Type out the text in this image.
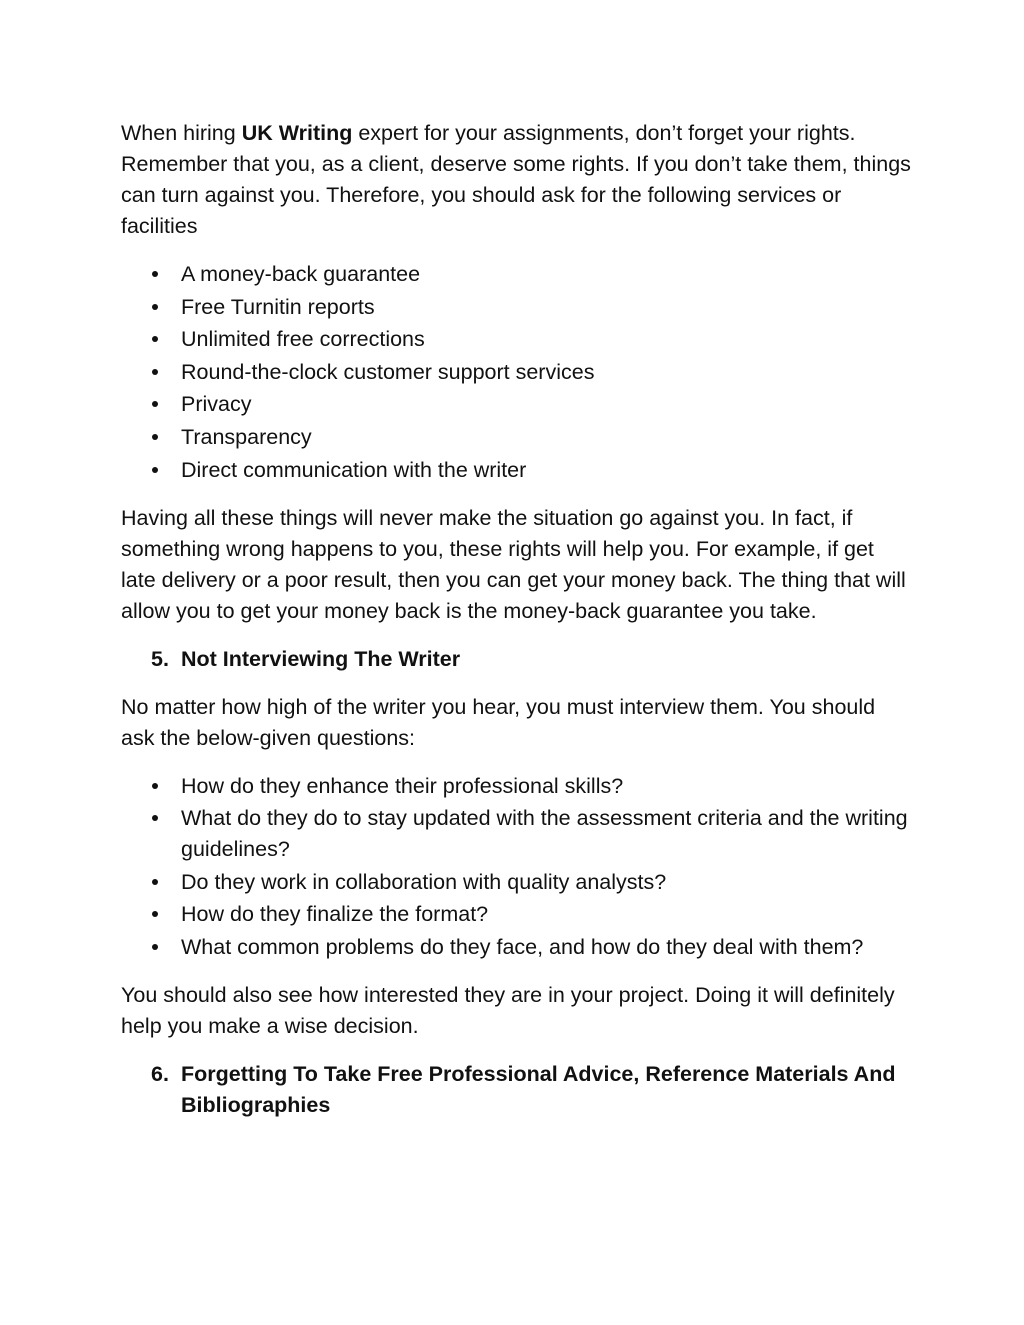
When hiring UK Writing expert for your assignments, don’t forget your rights. Remember that you, as a client, deserve some rights. If you don’t take them, things can turn against you. Therefore, you should ask for the following services or facilities

A money-back guarantee
Free Turnitin reports
Unlimited free corrections
Round-the-clock customer support services
Privacy
Transparency
Direct communication with the writer

Having all these things will never make the situation go against you. In fact, if something wrong happens to you, these rights will help you. For example, if get late delivery or a poor result, then you can get your money back. The thing that will allow you to get your money back is the money-back guarantee you take.

5. Not Interviewing The Writer

No matter how high of the writer you hear, you must interview them. You should ask the below-given questions:

How do they enhance their professional skills?
What do they do to stay updated with the assessment criteria and the writing guidelines?
Do they work in collaboration with quality analysts?
How do they finalize the format?
What common problems do they face, and how do they deal with them?

You should also see how interested they are in your project. Doing it will definitely help you make a wise decision.

6. Forgetting To Take Free Professional Advice, Reference Materials And Bibliographies
